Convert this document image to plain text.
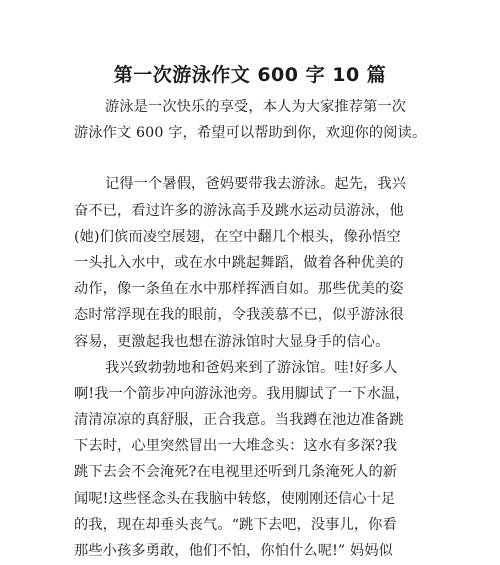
第一次游泳作文 600 字 10 篇
游泳是一次快乐的享受，本人为大家推荐第一次
游泳作文 600 字，希望可以帮助到你，欢迎你的阅读。
记得一个暑假，爸妈要带我去游泳。起先，我兴
奋不已，看过许多的游泳高手及跳水运动员游泳，他
(她)们傧而凌空展翅，在空中翻几个根头，像孙悟空
一头扎入水中，或在水中跳起舞蹈，做着各种优美的
动作，像一条鱼在水中那样挥洒自如。那些优美的姿
态时常浮现在我的眼前，令我羡慕不已，似乎游泳很
容易，更激起我也想在游泳馆时大显身手的信心。
我兴致勃勃地和爸妈来到了游泳馆。哇!好多人
啊!我一个箭步冲向游泳池旁。我用脚试了一下水温，
清清凉凉的真舒服，正合我意。当我蹲在池边准备跳
下去时，心里突然冒出一大堆念头：这水有多深?我
跳下去会不会淹死?在电视里还听到几条淹死人的新
闻呢!这些怪念头在我脑中转悠，使刚刚还信心十足
的我，现在却垂头丧气。“跳下去吧，没事儿，你看
那些小孩多勇敢，他们不怕，你怕什么呢!” 妈妈似
